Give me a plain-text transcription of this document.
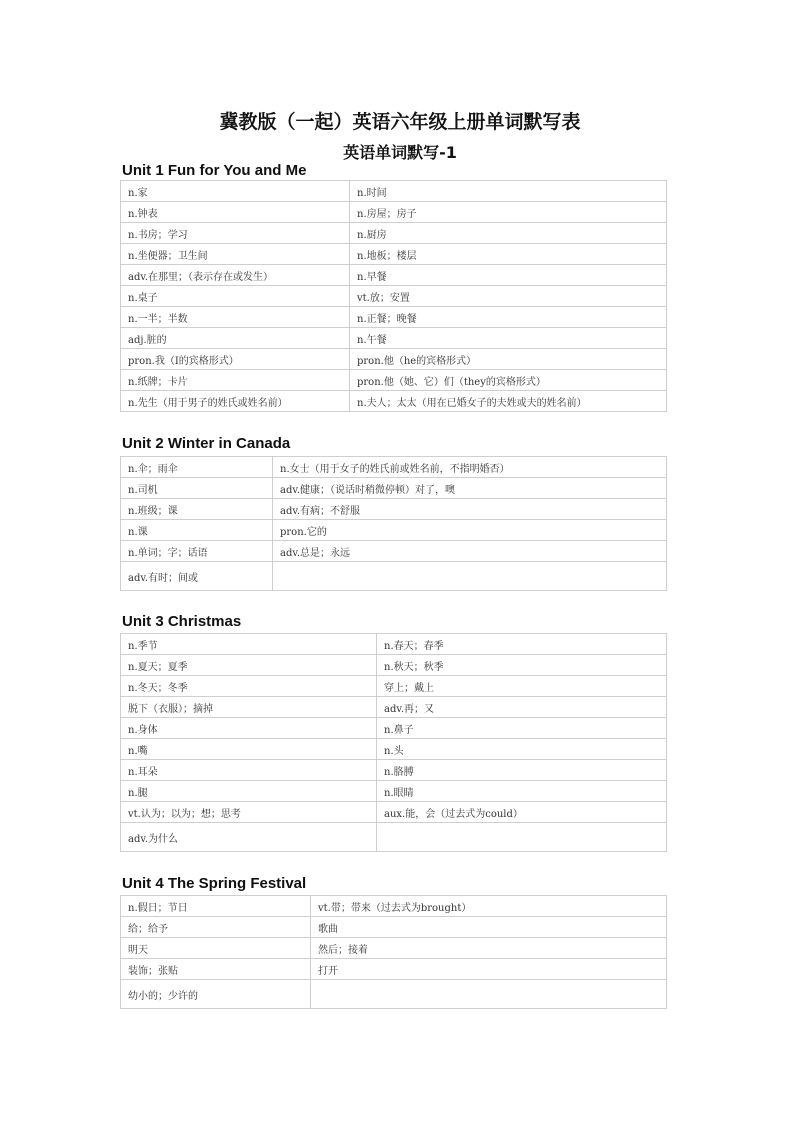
冀教版（一起）英语六年级上册单词默写表
英语单词默写-1
Unit 1 Fun for You and Me
n.家	n.时间
n.钟表	n.房屋；房子
n.书房；学习	n.厨房
n.坐便器；卫生间	n.地板；楼层
adv.在那里；（表示存在或发生）	n.早餐
n.桌子	vt.放；安置
n.一半；半数	n.正餐；晚餐
adj.脏的	n.午餐
pron.我（I的宾格形式）	pron.他（he的宾格形式）
n.纸牌；卡片	pron.他（她、它）们（they的宾格形式）
n.先生（用于男子的姓氏或姓名前）	n.夫人；太太（用在已婚女子的夫姓或夫的姓名前）
Unit 2 Winter in Canada
n.伞；雨伞	n.女士（用于女子的姓氏前或姓名前，不指明婚否）
n.司机	adv.健康；（说话时稍微停顿）对了，噢
n.班级；课	adv.有病；不舒服
n.课	pron.它的
n.单词；字；话语	adv.总是；永远
adv.有时；间或	
Unit 3 Christmas
n.季节	n.春天；春季
n.夏天；夏季	n.秋天；秋季
n.冬天；冬季	穿上；戴上
脱下（衣服）；摘掉	adv.再；又
n.身体	n.鼻子
n.嘴	n.头
n.耳朵	n.胳膊
n.腿	n.眼睛
vt.认为；以为；想；思考	aux.能，会（过去式为could）
adv.为什么	
Unit 4 The Spring Festival
n.假日；节日	vt.带；带来（过去式为brought）
给；给予	歌曲
明天	然后；接着
装饰；张贴	打开
幼小的；少许的	
